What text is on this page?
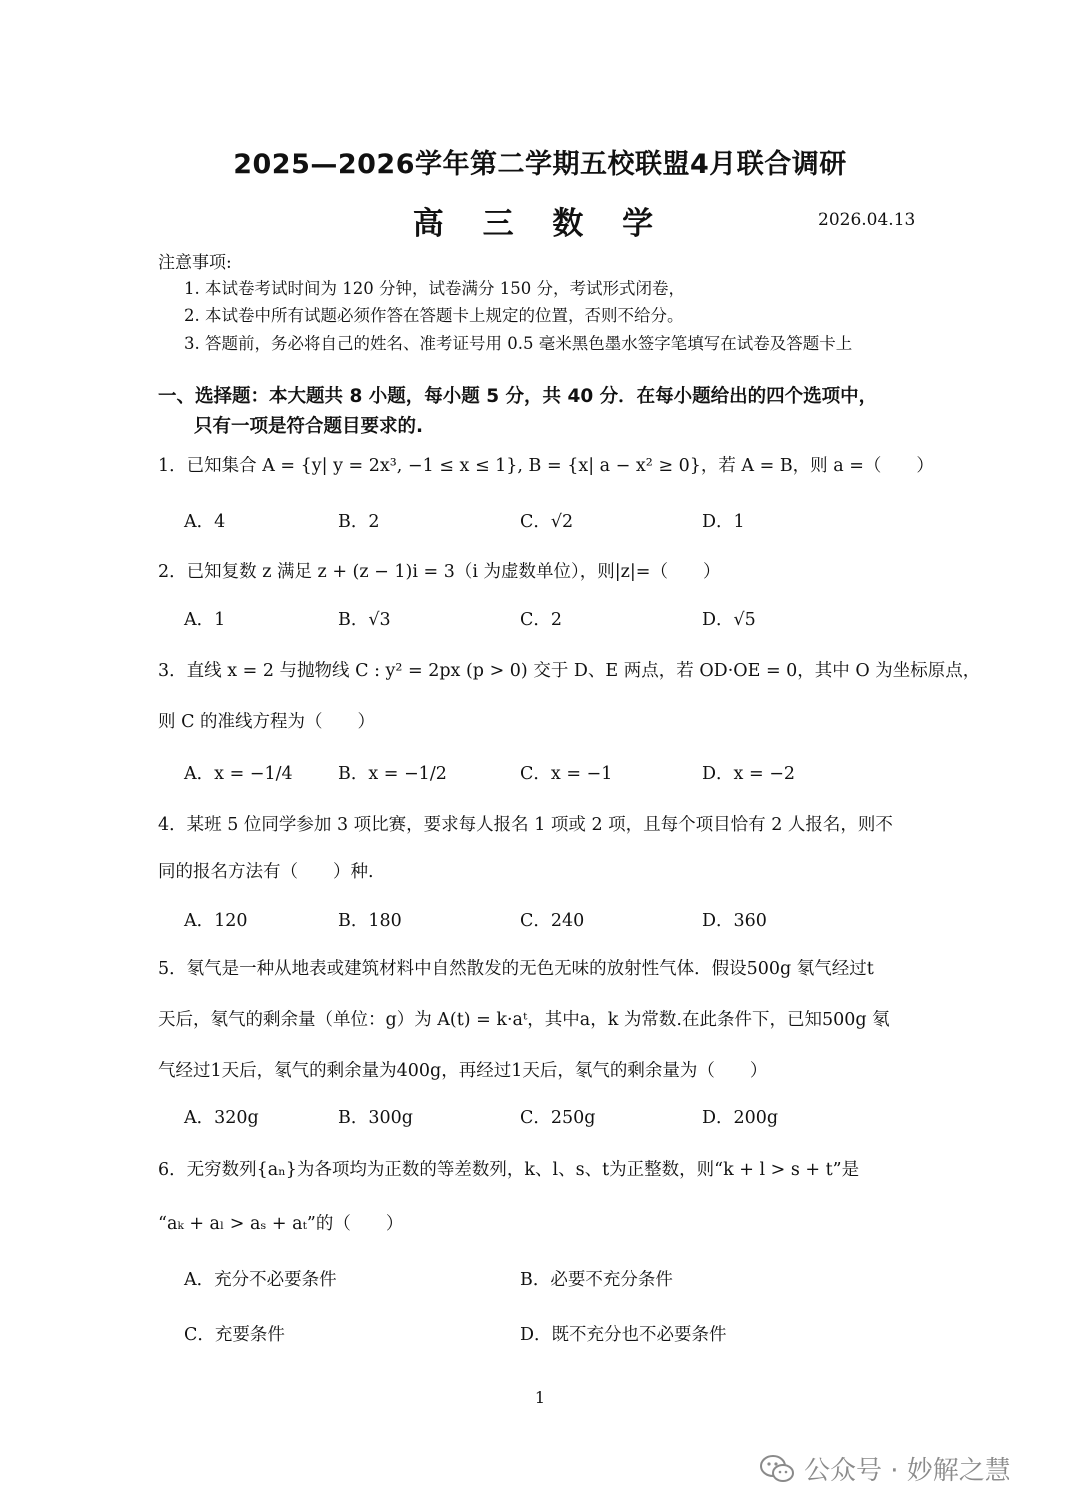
2025—2026学年第二学期五校联盟4月联合调研
高 三 数 学	2026.04.13
注意事项:
1. 本试卷考试时间为 120 分钟，试卷满分 150 分，考试形式闭卷，
2. 本试卷中所有试题必须作答在答题卡上规定的位置，否则不给分。
3. 答题前，务必将自己的姓名、准考证号用 0.5 毫米黑色墨水签字笔填写在试卷及答题卡上
一、选择题：本大题共 8 小题，每小题 5 分，共 40 分．在每小题给出的四个选项中，
只有一项是符合题目要求的.
1．已知集合 A = {y| y = 2x³, −1 ≤ x ≤ 1}, B = {x| a − x² ≥ 0}，若 A = B，则 a =（　　）
A．4	B．2	C．√2	D．1
2．已知复数 z 满足 z + (z − 1)i = 3（i 为虚数单位），则|z|=（　　）
A．1	B．√3	C．2	D．√5
3．直线 x = 2 与抛物线 C : y² = 2px (p > 0) 交于 D、E 两点，若 OD·OE = 0，其中 O 为坐标原点，
则 C 的准线方程为（　　）
A．x = −1/4	B．x = −1/2	C．x = −1	D．x = −2
4．某班 5 位同学参加 3 项比赛，要求每人报名 1 项或 2 项，且每个项目恰有 2 人报名，则不
同的报名方法有（　　）种.
A．120	B．180	C．240	D．360
5．氡气是一种从地表或建筑材料中自然散发的无色无味的放射性气体．假设500g 氡气经过t
天后，氡气的剩余量（单位：g）为 A(t) = k·aᵗ，其中a，k 为常数.在此条件下，已知500g 氡
气经过1天后，氡气的剩余量为400g，再经过1天后，氡气的剩余量为（　　）
A．320g	B．300g	C．250g	D．200g
6．无穷数列{aₙ}为各项均为正数的等差数列，k、l、s、t为正整数，则“k + l > s + t”是
“aₖ + aₗ > aₛ + aₜ”的（　　）
A．充分不必要条件	B．必要不充分条件
C．充要条件	D．既不充分也不必要条件
1
公众号 · 妙解之慧
